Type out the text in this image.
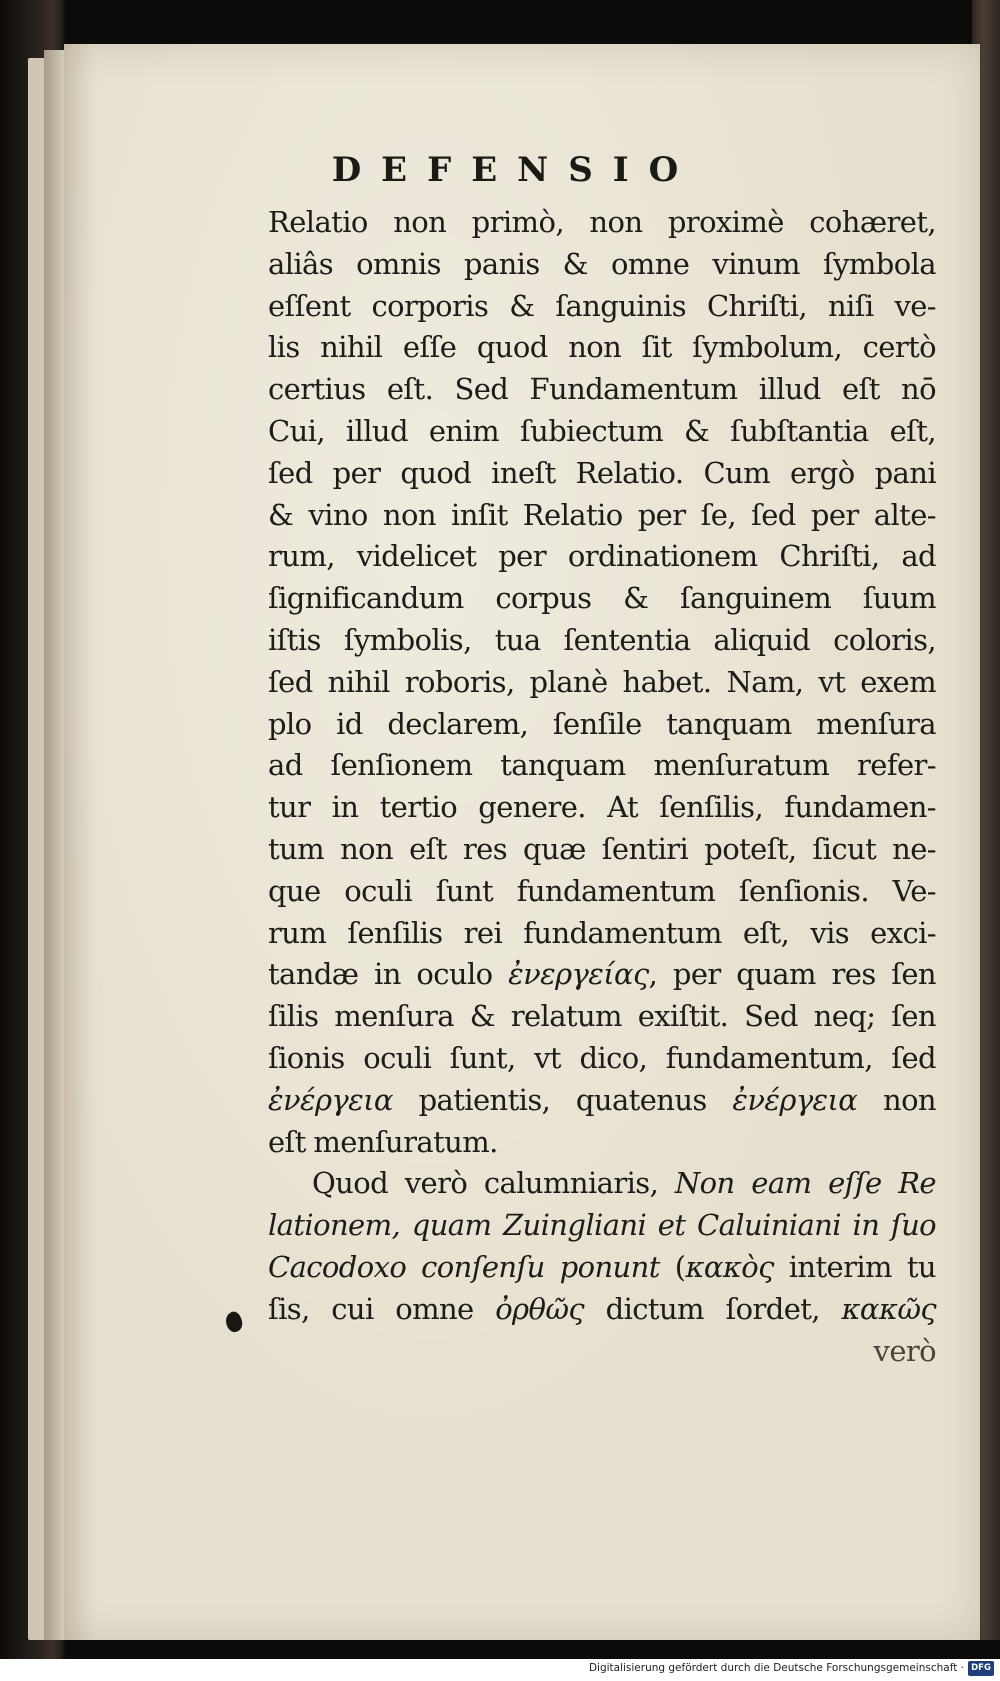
DEFENSIO
Relatio non primò, non proximè cohæret,
aliâs omnis panis & omne vinum ſymbola
eſſent corporis & ſanguinis Chriſti, niſi ve-
lis nihil eſſe quod non ſit ſymbolum, certò
certius eſt. Sed Fundamentum illud eſt nō
Cui, illud enim ſubiectum & ſubſtantia eſt,
ſed per quod ineſt Relatio. Cum ergò pani
& vino non inſit Relatio per ſe, ſed per alte-
rum, videlicet per ordinationem Chriſti, ad
ſignificandum corpus & ſanguinem ſuum
iſtis ſymbolis, tua ſententia aliquid coloris,
ſed nihil roboris, planè habet. Nam, vt exem
plo id declarem, ſenſile tanquam menſura
ad ſenſionem tanquam menſuratum refer-
tur in tertio genere. At ſenſilis, fundamen-
tum non eſt res quæ ſentiri poteſt, ſicut ne-
que oculi ſunt fundamentum ſenſionis. Ve-
rum ſenſilis rei fundamentum eſt, vis exci-
tandæ in oculo ἐνεργείας, per quam res ſen
ſilis menſura & relatum exiſtit. Sed neq; ſen
ſionis oculi ſunt, vt dico, fundamentum, ſed
ἐνέργεια patientis, quatenus ἐνέργεια non
eſt menſuratum.
Quod verò calumniaris, Non eam eſſe Re
lationem, quam Zuingliani et Caluiniani in ſuo
Cacodoxo conſenſu ponunt (κακὸς interim tu
ſis, cui omne ὀρθῶς dictum ſordet, κακῶς
verò
Digitalisierung gefördert durch die Deutsche Forschungsgemeinschaft · DFG
